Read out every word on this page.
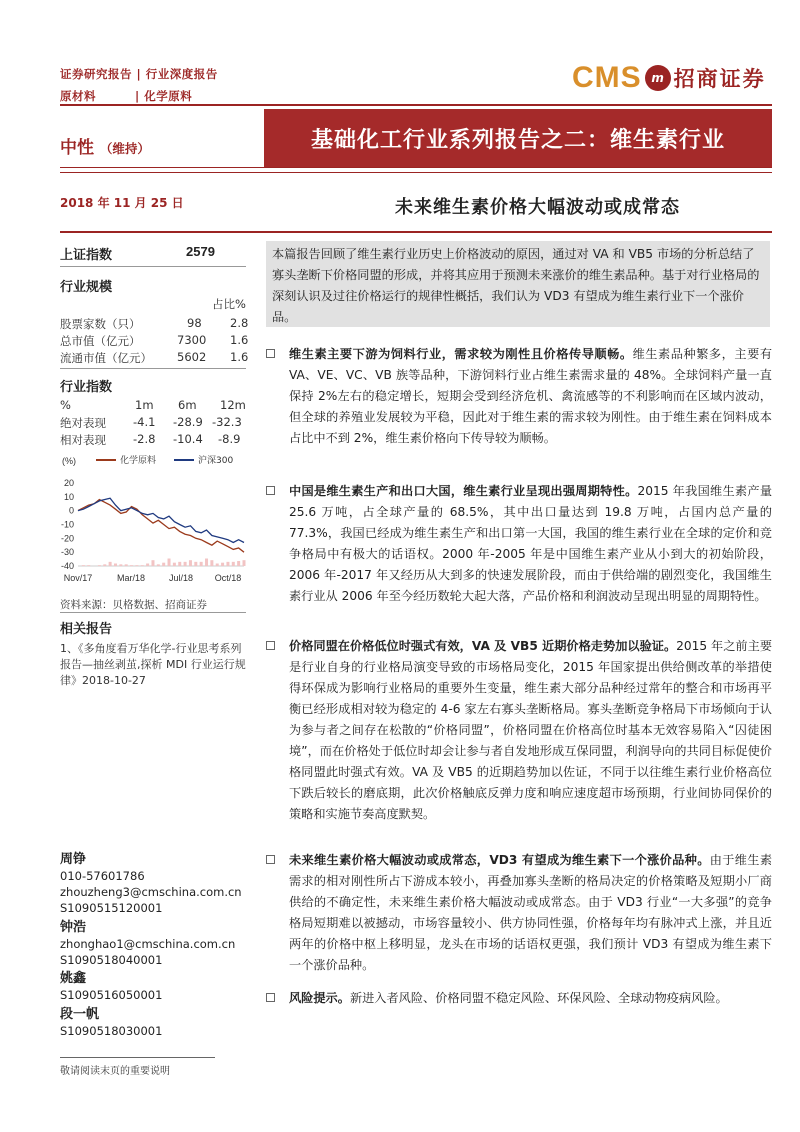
证券研究报告 | 行业深度报告
原材料	| 化学原料
CMS m 招商证券
中性 （维持）	基础化工行业系列报告之二：维生素行业
2018 年 11 月 25 日	未来维生素价格大幅波动或成常态
上证指数	2579
行业规模
占比%
股票家数（只）	98 2.8
总市值（亿元）	7300 1.6
流通市值（亿元） 5602 1.6
行业指数
%	1m 6m 12m
绝对表现 -4.1 -28.9 -32.3
相对表现 -2.8 -10.4 -8.9
(%)	化学原料	沪深300
20
10
0
-10
-20
-30
-40
Nov/17	Mar/18	Jul/18 Oct/18
资料来源：贝格数据、招商证券
相关报告
1、《多角度看万华化学-行业思考系列报告—抽丝剥茧,探析 MDI 行业运行规律》2018-10-27
周铮
010-57601786
zhouzheng3@cmschina.com.cn
S1090515120001
钟浩
zhonghao1@cmschina.com.cn
S1090518040001
姚鑫
S1090516050001
段一帆
S1090518030001
本篇报告回顾了维生素行业历史上价格波动的原因，通过对 VA 和 VB5 市场的分析总结了寡头垄断下价格同盟的形成，并将其应用于预测未来涨价的维生素品种。基于对行业格局的深刻认识及过往价格运行的规律性概括，我们认为 VD3 有望成为维生素行业下一个涨价品。
维生素主要下游为饲料行业，需求较为刚性且价格传导顺畅。维生素品种繁多，主要有 VA、VE、VC、VB 族等品种，下游饲料行业占维生素需求量的 48%。全球饲料产量一直保持 2%左右的稳定增长，短期会受到经济危机、禽流感等的不利影响而在区域内波动，但全球的养殖业发展较为平稳，因此对于维生素的需求较为刚性。由于维生素在饲料成本占比中不到 2%，维生素价格向下传导较为顺畅。
中国是维生素生产和出口大国，维生素行业呈现出强周期特性。2015 年我国维生素产量 25.6 万吨，占全球产量的 68.5%，其中出口量达到 19.8 万吨，占国内总产量的 77.3%，我国已经成为维生素生产和出口第一大国，我国的维生素行业在全球的定价和竞争格局中有极大的话语权。2000 年-2005 年是中国维生素产业从小到大的初始阶段，2006 年-2017 年又经历从大到多的快速发展阶段，而由于供给端的剧烈变化，我国维生素行业从 2006 年至今经历数轮大起大落，产品价格和利润波动呈现出明显的周期特性。
价格同盟在价格低位时强式有效，VA 及 VB5 近期价格走势加以验证。2015 年之前主要是行业自身的行业格局演变导致的市场格局变化，2015 年国家提出供给侧改革的举措使得环保成为影响行业格局的重要外生变量，维生素大部分品种经过常年的整合和市场再平衡已经形成相对较为稳定的 4-6 家左右寡头垄断格局。寡头垄断竞争格局下市场倾向于认为参与者之间存在松散的“价格同盟”，价格同盟在价格高位时基本无效容易陷入“囚徒困境”，而在价格处于低位时却会让参与者自发地形成互保同盟，利润导向的共同目标促使价格同盟此时强式有效。VA 及 VB5 的近期趋势加以佐证，不同于以往维生素行业价格高位下跌后较长的磨底期，此次价格触底反弹力度和响应速度超市场预期，行业间协同保价的策略和实施节奏高度默契。
未来维生素价格大幅波动或成常态，VD3 有望成为维生素下一个涨价品种。由于维生素需求的相对刚性所占下游成本较小，再叠加寡头垄断的格局决定的价格策略及短期小厂商供给的不确定性，未来维生素价格大幅波动或成常态。由于 VD3 行业“一大多强”的竞争格局短期难以被撼动，市场容量较小、供方协同性强，价格每年均有脉冲式上涨，并且近两年的价格中枢上移明显，龙头在市场的话语权更强，我们预计 VD3 有望成为维生素下一个涨价品种。
风险提示。新进入者风险、价格同盟不稳定风险、环保风险、全球动物疫病风险。
敬请阅读末页的重要说明
